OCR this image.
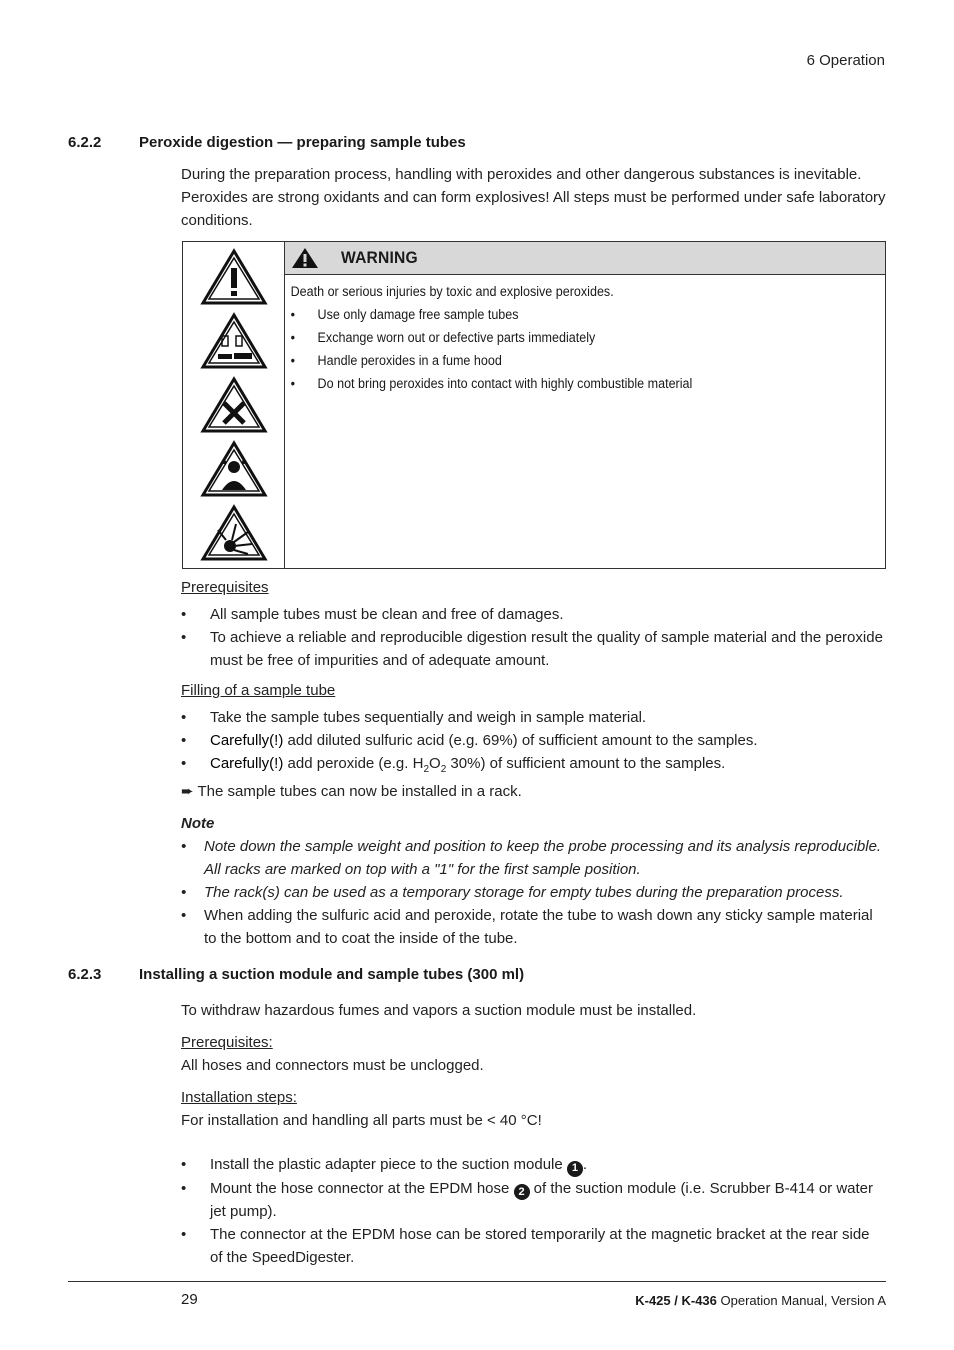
6 Operation
6.2.2	Peroxide digestion — preparing sample tubes
During the preparation process, handling with peroxides and other dangerous substances is inevitable. Peroxides are strong oxidants and can form explosives! All steps must be performed under safe laboratory conditions.
WARNING
Death or serious injuries by toxic and explosive peroxides.
• Use only damage free sample tubes
• Exchange worn out or defective parts immediately
• Handle peroxides in a fume hood
• Do not bring peroxides into contact with highly combustible material
Prerequisites
• All sample tubes must be clean and free of damages.
• To achieve a reliable and reproducible digestion result the quality of sample material and the peroxide must be free of impurities and of adequate amount.
Filling of a sample tube
• Take the sample tubes sequentially and weigh in sample material.
• Carefully(!) add diluted sulfuric acid (e.g. 69%) of sufficient amount to the samples.
• Carefully(!) add peroxide (e.g. $H_2O_2$ 30%) of sufficient amount to the samples.
➨ The sample tubes can now be installed in a rack.
Note
• Note down the sample weight and position to keep the probe processing and its analysis reproducible. All racks are marked on top with a "1" for the first sample position.
• The rack(s) can be used as a temporary storage for empty tubes during the preparation process.
• When adding the sulfuric acid and peroxide, rotate the tube to wash down any sticky sample material to the bottom and to coat the inside of the tube.
6.2.3	Installing a suction module and sample tubes (300 ml)
To withdraw hazardous fumes and vapors a suction module must be installed.
Prerequisites:
All hoses and connectors must be unclogged.
Installation steps:
For installation and handling all parts must be < 40 °C!
• Install the plastic adapter piece to the suction module 1 .
• Mount the hose connector at the EPDM hose 2 of the suction module (i.e. Scrubber B-414 or water jet pump).
• The connector at the EPDM hose can be stored temporarily at the magnetic bracket at the rear side of the SpeedDigester.
29	K-425 / K-436 Operation Manual, Version A
